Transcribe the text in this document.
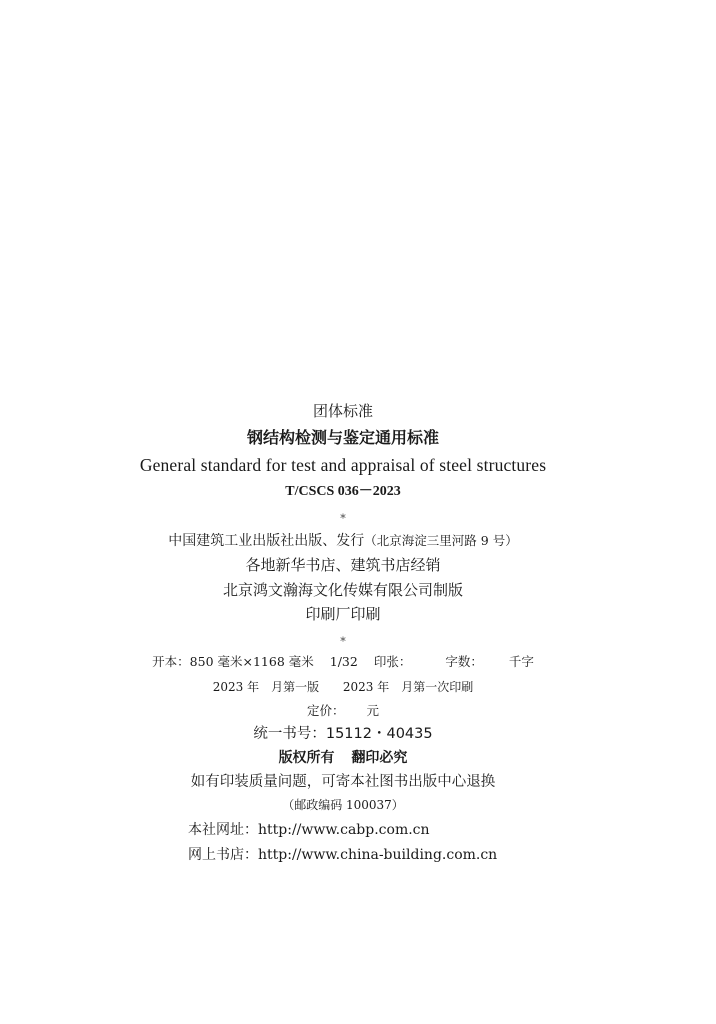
团体标准
钢结构检测与鉴定通用标准
General standard for test and appraisal of steel structures
T/CSCS 036－2023
*
中国建筑工业出版社出版、发行（北京海淀三里河路 9 号）
各地新华书店、建筑书店经销
北京鸿文瀚海文化传媒有限公司制版
印刷厂印刷
*
开本：850 毫米×1168 毫米 1/32 印张：	字数： 千字
2023 年　月第一版 2023 年　月第一次印刷
定价： 元
统一书号：15112・40435
版权所有 翻印必究
如有印装质量问题，可寄本社图书出版中心退换
（邮政编码 100037）
本社网址：http://www.cabp.com.cn
网上书店：http://www.china-building.com.cn
